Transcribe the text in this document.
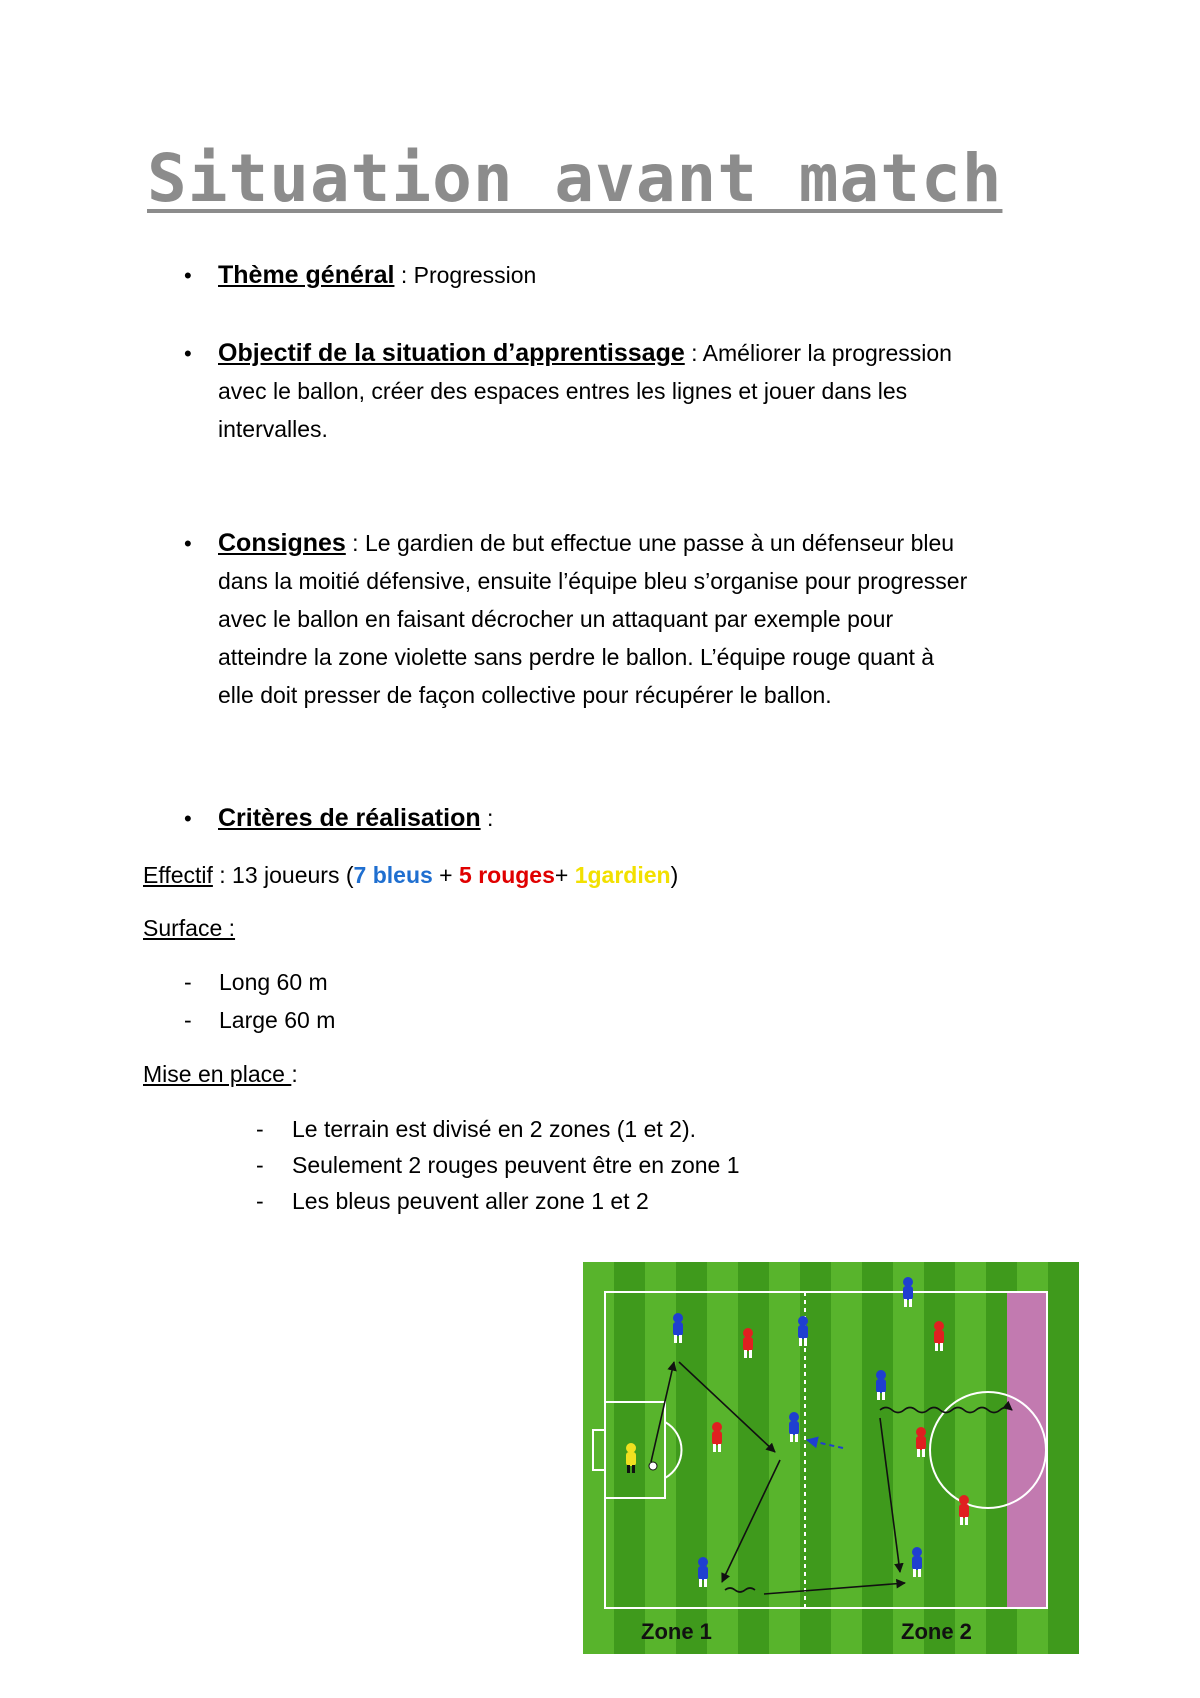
Situation avant match
•	Thème général : Progression
•	Objectif de la situation d’apprentissage : Améliorer la progression
avec le ballon, créer des espaces entres les lignes et jouer dans les
intervalles.
•	Consignes : Le gardien de but effectue une passe à un défenseur bleu
dans la moitié défensive, ensuite l’équipe bleu s’organise pour progresser
avec le ballon en faisant décrocher un attaquant par exemple pour
atteindre la zone violette sans perdre le ballon. L’équipe rouge quant à
elle doit presser de façon collective pour récupérer le ballon.
•	Critères de réalisation :
Effectif : 13 joueurs (7 bleus + 5 rouges+ 1gardien)
Surface :
- Long 60 m
- Large 60 m
Mise en place :
- Le terrain est divisé en 2 zones (1 et 2).
- Seulement 2 rouges peuvent être en zone 1
- Les bleus peuvent aller zone 1 et 2
Zone 1	Zone 2
